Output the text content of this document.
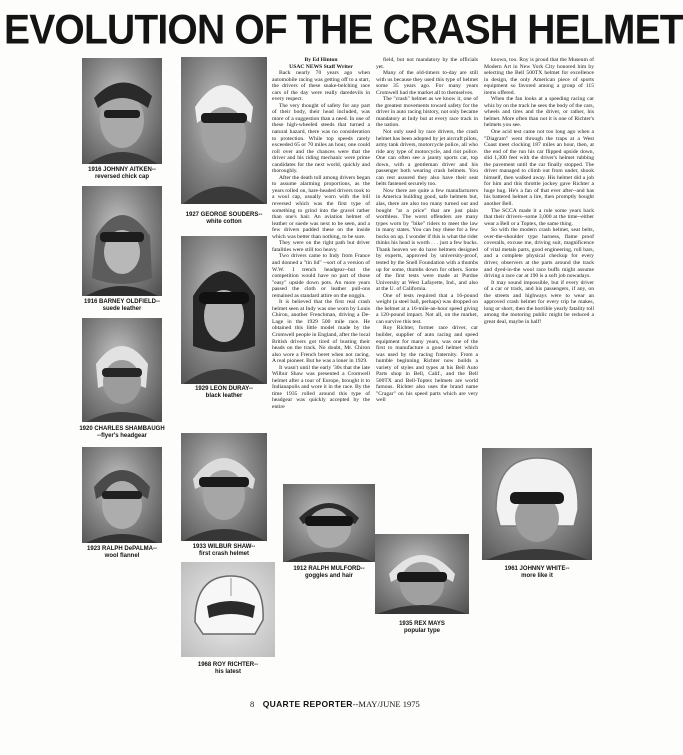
EVOLUTION OF THE CRASH HELMET
1916 JOHNNY AITKEN--
reversed chick cap
1916 BARNEY OLDFIELD--
suede leather
1920 CHARLES SHAMBAUGH
--flyer's headgear
1923 RALPH DePALMA--
wool flannel
1927 GEORGE SOUDERS--
white cotton
1929 LEON DURAY--
black leather
1933 WILBUR SHAW--
first crash helmet
1968 ROY RICHTER--
his latest
1912 RALPH MULFORD--
goggles and hair
1935 REX MAYS
popular type
1961 JOHNNY WHITE--
more like it

By Ed Hinton

USAC NEWS Staff Writer

Back nearly 70 years ago when automobile racing was getting off to a start, the drivers of these snake-belching race cars of the day were really daredevils in every respect.

The very thought of safety for any part of their body, their head included, was more of a suggestion than a need. In one of these high-wheeled steeds that turned a natural hazard, there was no consideration to protection. While top speeds rarely exceeded 65 or 70 miles an hour, one could roll over and the chances were that the driver and his riding mechanic were prime candidates for the next world, quickly and thoroughly.

After the death toll among drivers began to assume alarming proportions, as the years rolled on, hare-headed drivers took to a wool cap, usually worn with the bill reversed which was the first type of something to grind into the gravel rather than one's hair. An aviation helmet of leather or suede was next to be seen, and a few drivers padded these on the inside which was better than nothing, to be sure.

They were on the right path but driver fatalities were still too heavy.

Two drivers came to Indy from France and donned a "tin lid" --sort of a version of W.W. I trench headgear--but the competition would have no part of those "easy" upside down pots. An more years passed the cloth or leather pull-ons remained as standard attire on the noggin.

It is believed that the first real crash helmet seen at Indy was one worn by Louis Chiron, another Frenchman, driving a De-Lage in the 1929 500 mile race. He obtained this little model made by the Cromwell people in England, after the local British drivers got tired of busting their heads on the track. No doubt, Mr. Chiron also wore a French beret when not racing. A real pioneer. But he was a loner in 1929.

It wasn't until the early '30s that the late Wilbur Shaw was presented a Cromwell helmet after a tour of Europe, brought it to Indianapolis and wore it in the race. By the time 1935 rolled around this type of headgear was quickly accepted by the entire

field, but not mandatory by the officials yet.

Many of the old-timers to-day are still with us because they used this type of helmet some 35 years ago. For many years Cromwell had the market all to themselves.

The "crash" helmet as we know it, one of the greatest movements toward safety for the driver in auto racing history, not only became mandatory at Indy but at every race track in the nation.

Not only used by race drivers, the crash helmet has been adopted by jet aircraft pilots, army tank drivers, motorcycle police, all who ride any type of motorcycle, and riot police. One can often see a jaunty sports car, top down, with a gentleman driver and his passenger both wearing crash helmets. You can rest assured they also have their seat belts fastened securely too.

Now there are quite a few manufacturers in America building good, safe helmets but, alas, there are also too many turned out and bought "at a price" that are just plain worthless. The worst offenders are many types worn by "bike" riders to meet the law in many states. You can buy these for a few bucks on up. I wonder if this is what the rider thinks his head is worth . . . just a few bucks. Thank heaven we do have helmets designed by experts, approved by university-proof, tested by the Snell Foundation with a thumbs up for some, thumbs down for others. Some of the first tests were made at Purdue University at West Lafayette, Ind., and also at the U. of California.

One of tests required that a 16-pound weight (a steel ball, perhaps) was dropped on the helmet at a 16-mile-an-hour speed giving a 120-pound impact. Not all, on the market, can survive this test.

Roy Richter, former race driver, car builder, supplier of auto racing and speed equipment for many years, was one of the first to manufacture a good helmet which was used by the racing fraternity. From a humble beginning Richter now builds a variety of styles and types at his Bell Auto Parts shop in Bell, Calif., and the Bell 500TX and Bell-Toptex helmets are world famous. Richter also uses the brand name "Cragar" on his speed parts which are very well

known, too. Roy is proud that the Museum of Modern Art in New York City honored him by selecting the Bell 500TX helmet for excellence in design, the only American piece of sports equipment so favored among a group of 115 items offered.

When the fan looks at a speeding racing car whiz by on the track he sees the body of the cars, wheels and tires and the driver, or rather, his helmet. More often than not it is one of Richter's helmets you see.

One acid test came not too long ago when a "Diagram" went through the traps at a West Coast meet clocking 187 miles an hour, then, at the end of the run his car flipped upside down, slid 1,300 feet with the driver's helmet rubbing the pavement until the car finally stopped. The driver managed to climb out from under, shook himself, then walked away. His helmet did a job for him and this throttle jockey gave Richter a huge hug. He's a fan of that ever after--and has his battered helmet a lire, then promptly bought another Bell.

The SCCA made it a rule some years back that their drivers--some 3,000 at the time--either wear a Bell or a Toptex, the same thing.

So with the modern crash helmet, seat belts, over-the-shoulder type harness, flame proof coveralls, excuse me, driving suit, magnificence of vital metals parts, good engineering, roll bars, and a complete physical checkup for every driver, observers at the parts around the track and dyed-in-the wool race buffs might assume driving a race car at 190 is a soft job nowadays.

It may sound impossible, but if every driver of a car or track, and his passengers, if any, on the streets and highways were to wear an approved crash helmet for every trip he makes, long or short, then the horrible yearly fatality toll among the motoring public might be reduced a great deal, maybe in half!

8 QUARTE REPORTER--MAY/JUNE 1975
